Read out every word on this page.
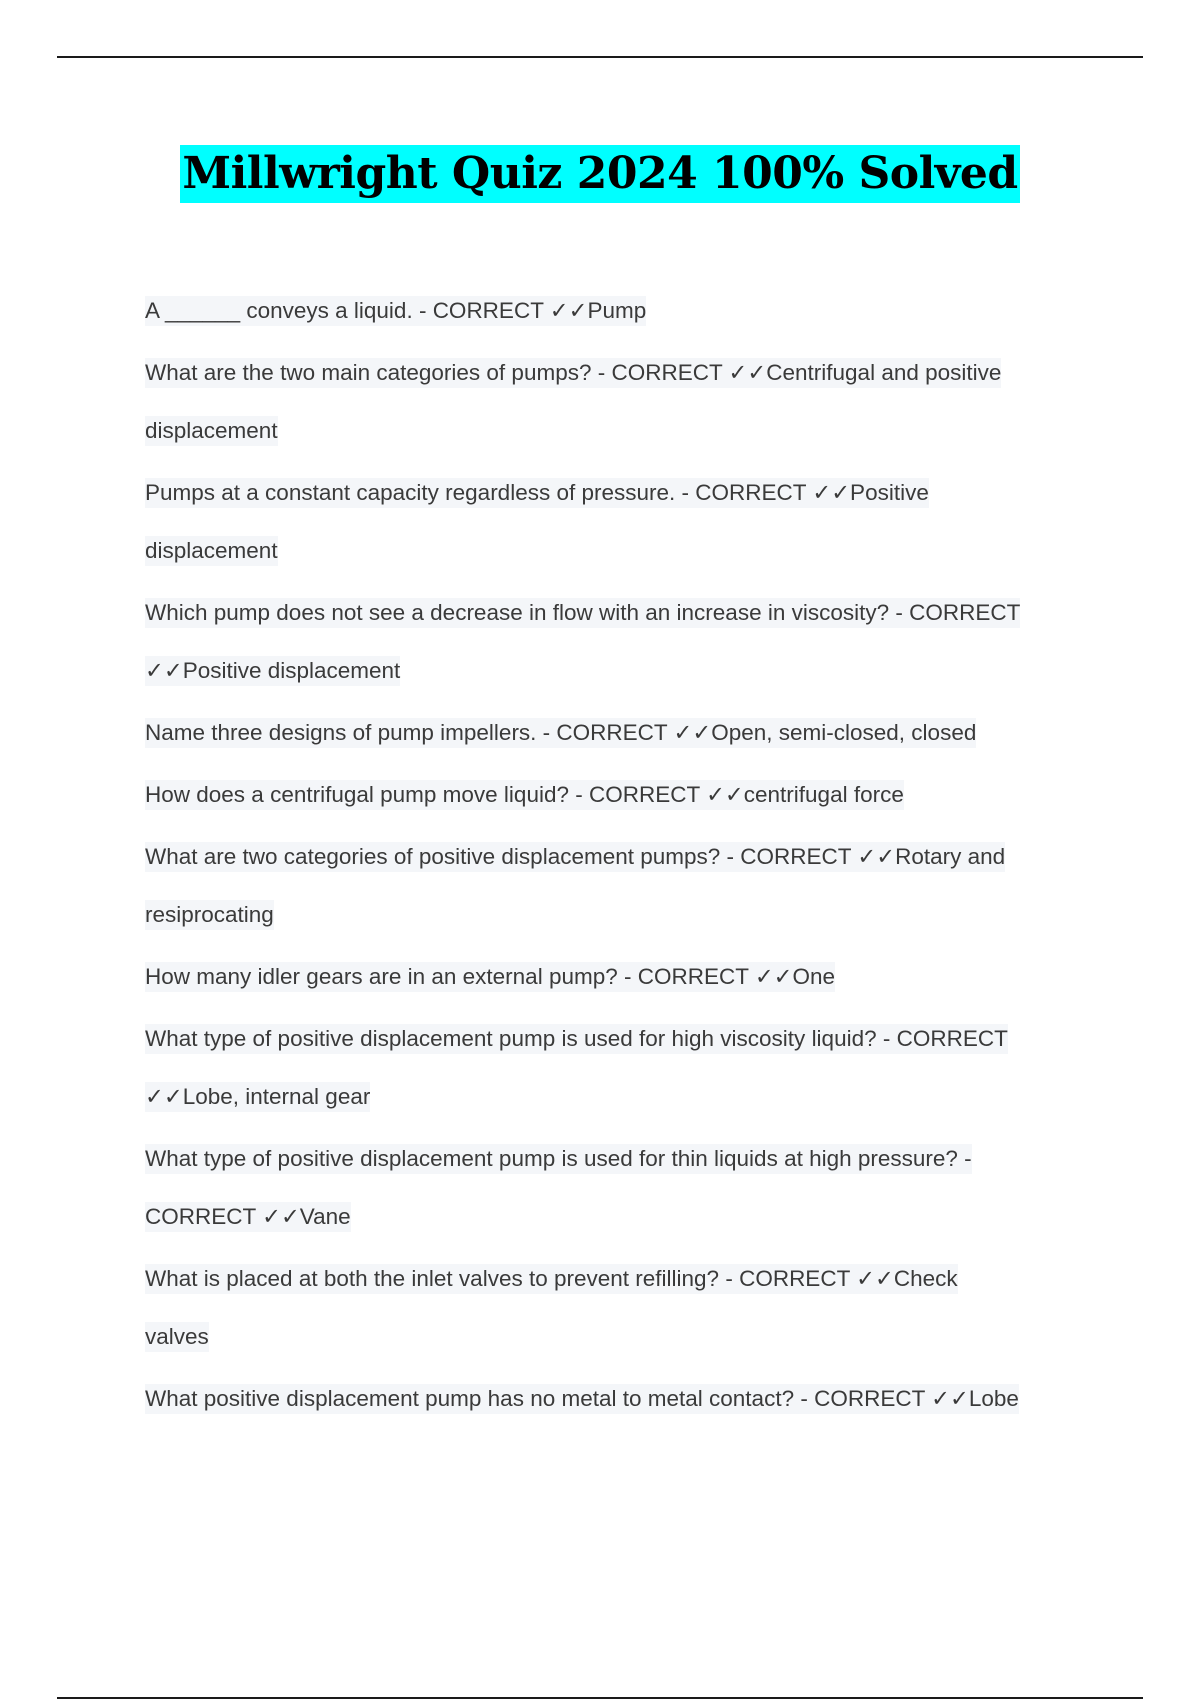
Millwright Quiz 2024 100% Solved
A ______ conveys a liquid. - CORRECT ✓✓Pump
What are the two main categories of pumps? - CORRECT ✓✓Centrifugal and positive
displacement
Pumps at a constant capacity regardless of pressure. - CORRECT ✓✓Positive
displacement
Which pump does not see a decrease in flow with an increase in viscosity? - CORRECT
✓✓Positive displacement
Name three designs of pump impellers. - CORRECT ✓✓Open, semi-closed, closed
How does a centrifugal pump move liquid? - CORRECT ✓✓centrifugal force
What are two categories of positive displacement pumps? - CORRECT ✓✓Rotary and
resiprocating
How many idler gears are in an external pump? - CORRECT ✓✓One
What type of positive displacement pump is used for high viscosity liquid? - CORRECT
✓✓Lobe, internal gear
What type of positive displacement pump is used for thin liquids at high pressure? -
CORRECT ✓✓Vane
What is placed at both the inlet valves to prevent refilling? - CORRECT ✓✓Check
valves
What positive displacement pump has no metal to metal contact? - CORRECT ✓✓Lobe
